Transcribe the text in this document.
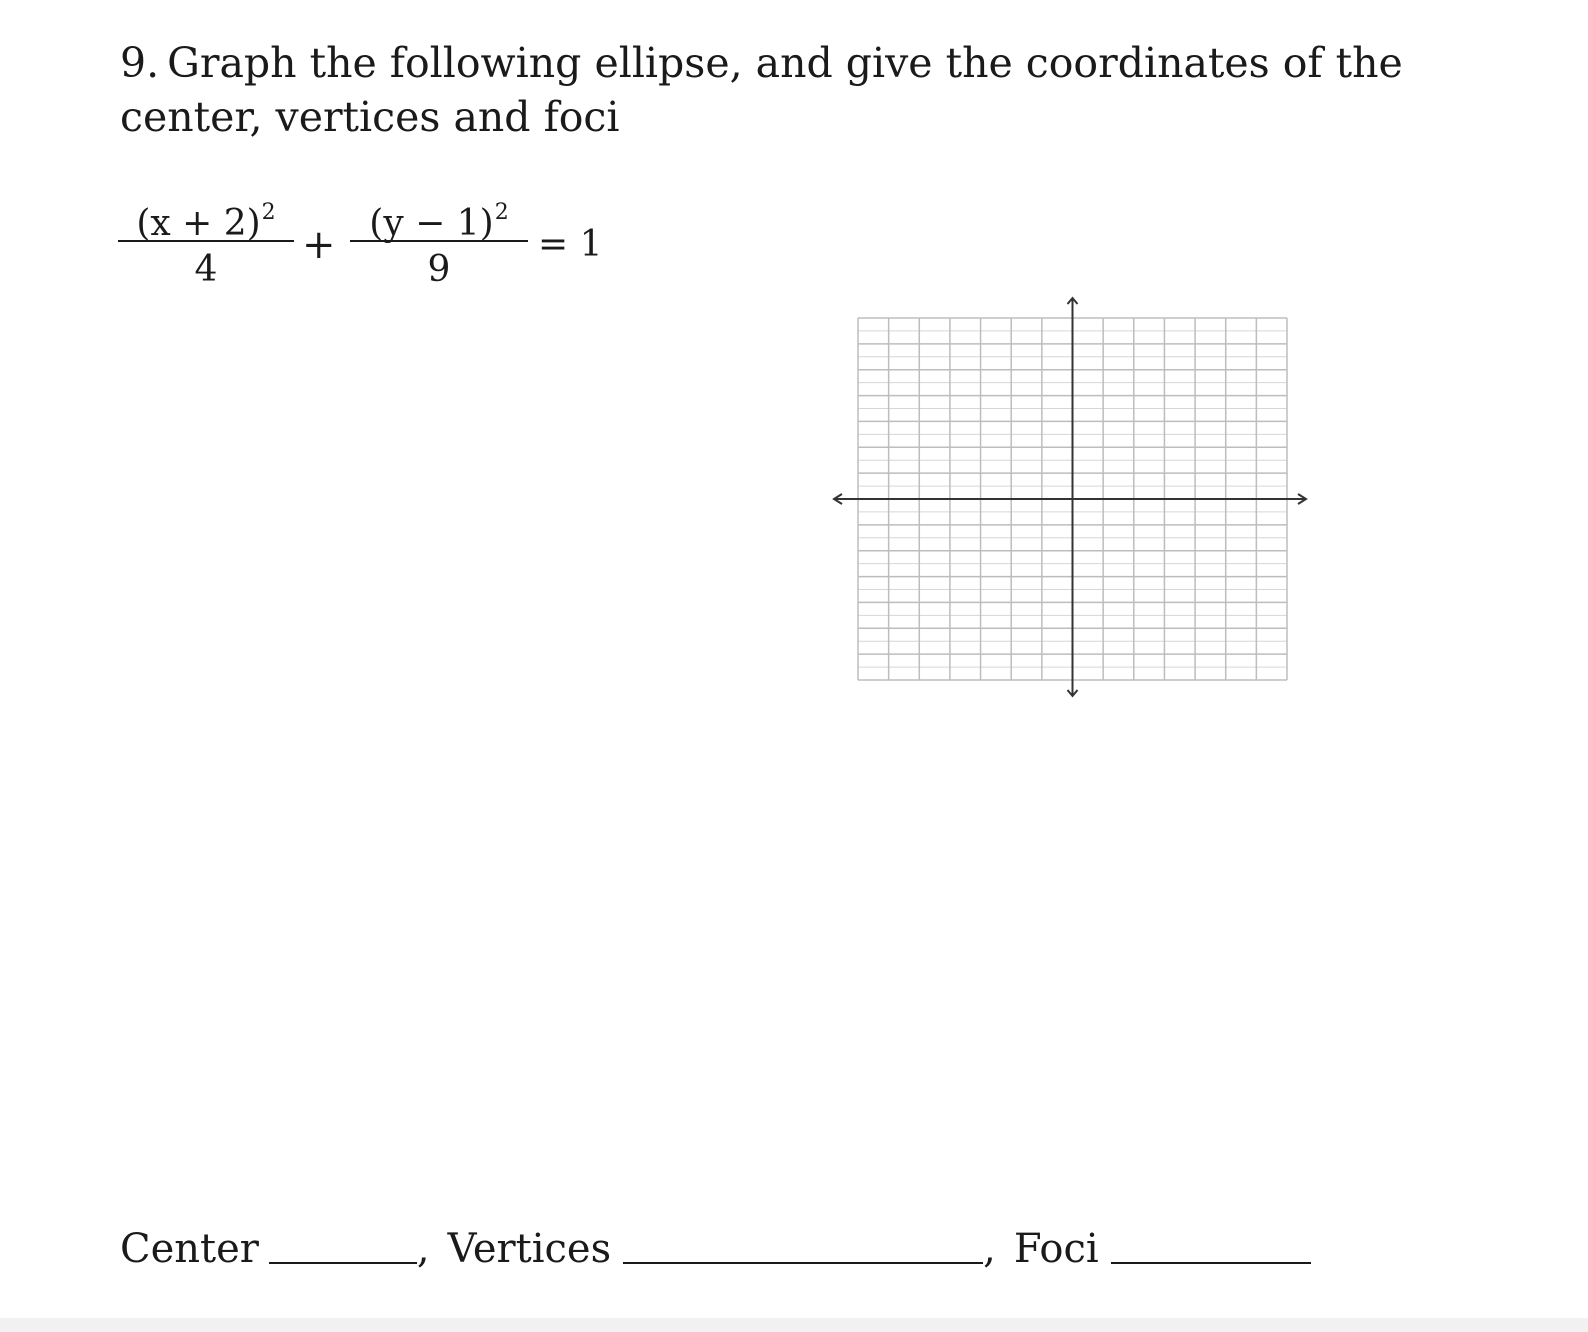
9. Graph the following ellipse, and give the coordinates of the center, vertices and foci
$(x + 2)^2$
4
+ $(y - 1)^2$
9
= 1
Center	, Vertices	, Foci
